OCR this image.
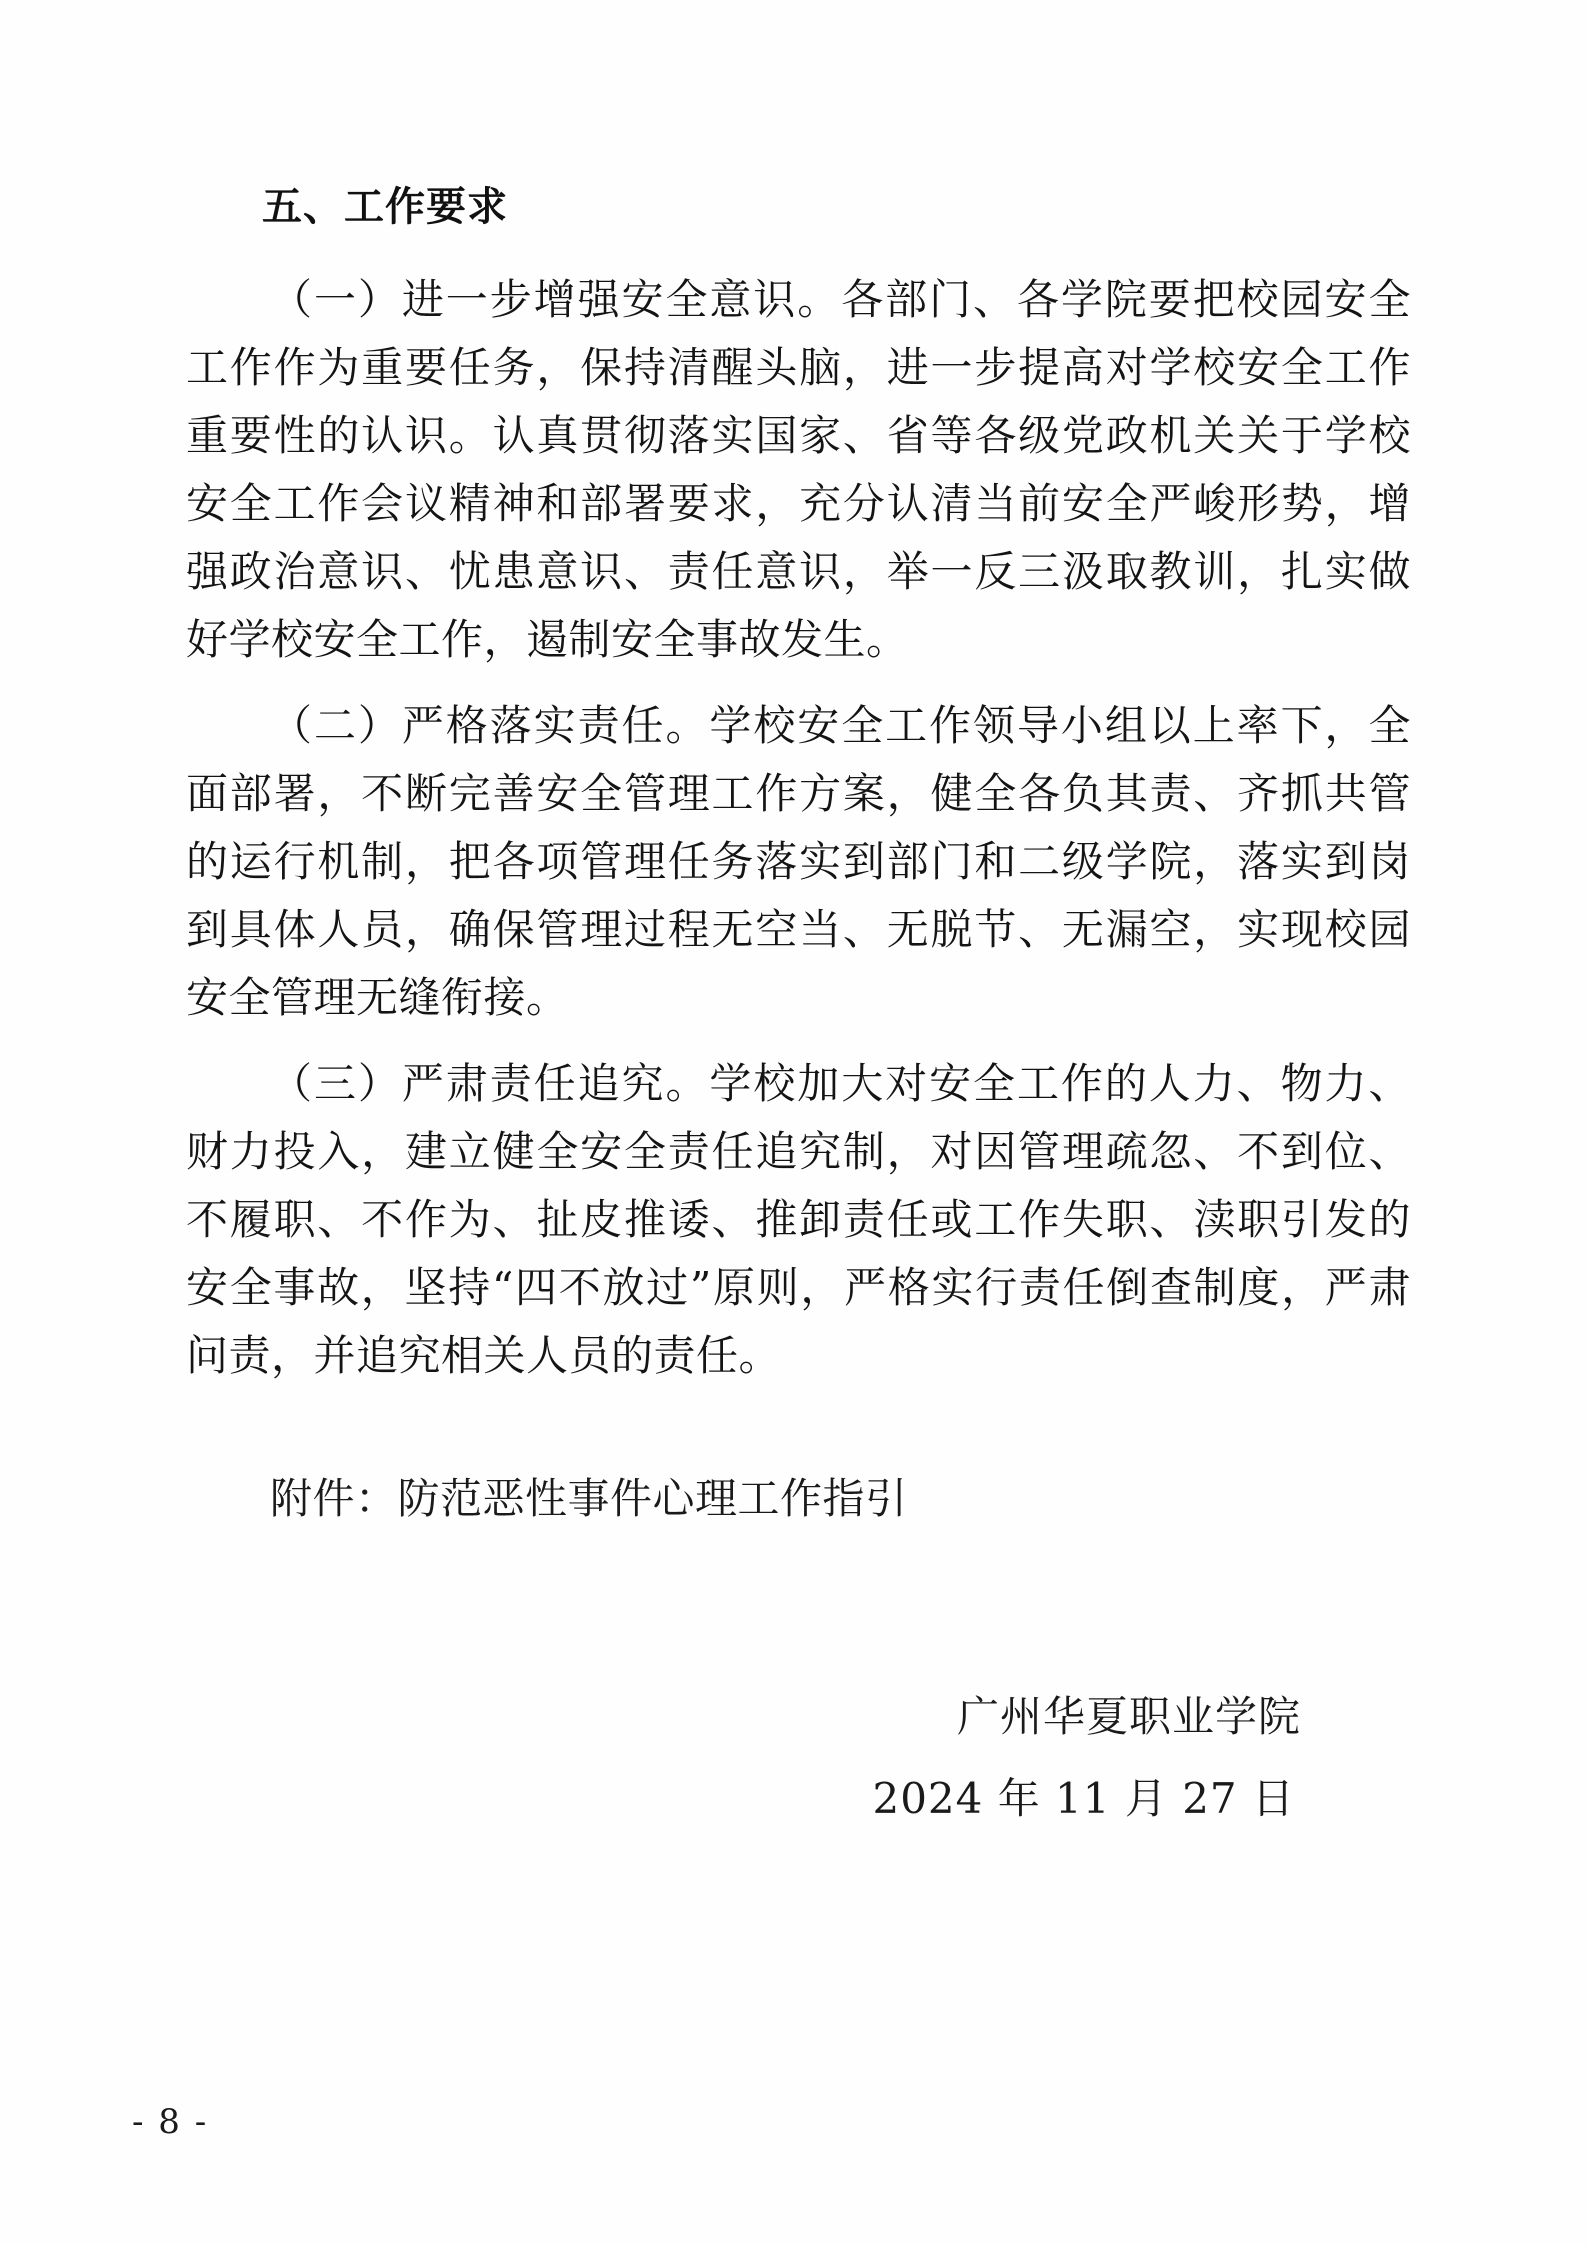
五、工作要求

（一）进一步增强安全意识。各部门、各学院要把校园安全工作作为重要任务，保持清醒头脑，进一步提高对学校安全工作重要性的认识。认真贯彻落实国家、省等各级党政机关关于学校安全工作会议精神和部署要求，充分认清当前安全严峻形势，增强政治意识、忧患意识、责任意识，举一反三汲取教训，扎实做好学校安全工作，遏制安全事故发生。

（二）严格落实责任。学校安全工作领导小组以上率下，全面部署，不断完善安全管理工作方案，健全各负其责、齐抓共管的运行机制，把各项管理任务落实到部门和二级学院，落实到岗到具体人员，确保管理过程无空当、无脱节、无漏空，实现校园安全管理无缝衔接。

（三）严肃责任追究。学校加大对安全工作的人力、物力、财力投入，建立健全安全责任追究制，对因管理疏忽、不到位、不履职、不作为、扯皮推诿、推卸责任或工作失职、渎职引发的安全事故，坚持“四不放过”原则，严格实行责任倒查制度，严肃问责，并追究相关人员的责任。

附件：防范恶性事件心理工作指引

广州华夏职业学院

2024 年 11 月 27 日

- 8 -
